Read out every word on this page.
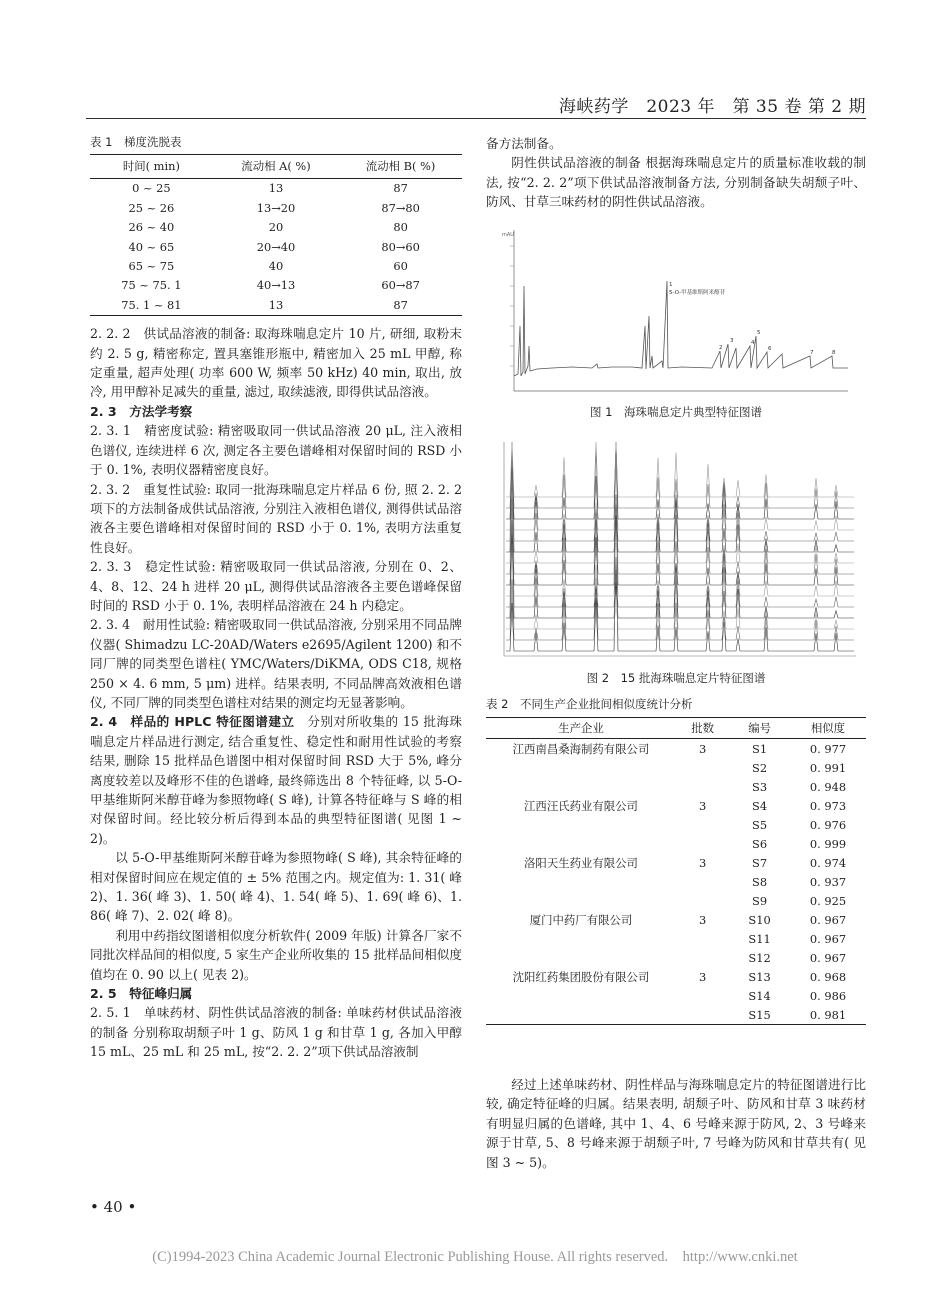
海峡药学　2023 年　第 35 卷 第 2 期
表 1　梯度洗脱表
时间( min)	流动相 A( %)	流动相 B( %)
0 ~ 25	13	87
25 ~ 26	13→20	87→80
26 ~ 40	20	80
40 ~ 65	20→40	80→60
65 ~ 75	40	60
75 ~ 75. 1	40→13	60→87
75. 1 ~ 81	13	87

2. 2. 2　供试品溶液的制备: 取海珠喘息定片 10 片, 研细, 取粉末约 2. 5 g, 精密称定, 置具塞锥形瓶中, 精密加入 25 mL 甲醇, 称定重量, 超声处理( 功率 600 W, 频率 50 kHz) 40 min, 取出, 放冷, 用甲醇补足减失的重量, 滤过, 取续滤液, 即得供试品溶液。

2. 3　方法学考察

2. 3. 1　精密度试验: 精密吸取同一供试品溶液 20 μL, 注入液相色谱仪, 连续进样 6 次, 测定各主要色谱峰相对保留时间的 RSD 小于 0. 1%, 表明仪器精密度良好。

2. 3. 2　重复性试验: 取同一批海珠喘息定片样品 6 份, 照 2. 2. 2 项下的方法制备成供试品溶液, 分别注入液相色谱仪, 测得供试品溶液各主要色谱峰相对保留时间的 RSD 小于 0. 1%, 表明方法重复性良好。

2. 3. 3　稳定性试验: 精密吸取同一供试品溶液, 分别在 0、2、4、8、12、24 h 进样 20 μL, 测得供试品溶液各主要色谱峰保留时间的 RSD 小于 0. 1%, 表明样品溶液在 24 h 内稳定。

2. 3. 4　耐用性试验: 精密吸取同一供试品溶液, 分别采用不同品牌仪器( Shimadzu LC-20AD/Waters e2695/Agilent 1200) 和不同厂牌的同类型色谱柱( YMC/Waters/DiKMA, ODS C18, 规格 250 × 4. 6 mm, 5 μm) 进样。结果表明, 不同品牌高效液相色谱仪, 不同厂牌的同类型色谱柱对结果的测定均无显著影响。

2. 4　样品的 HPLC 特征图谱建立　 分别对所收集的 15 批海珠喘息定片样品进行测定, 结合重复性、稳定性和耐用性试验的考察结果, 删除 15 批样品色谱图中相对保留时间 RSD 大于 5%, 峰分离度较差以及峰形不佳的色谱峰, 最终筛选出 8 个特征峰, 以 5-O-甲基维斯阿米醇苷峰为参照物峰( S 峰), 计算各特征峰与 S 峰的相对保留时间。经比较分析后得到本品的典型特征图谱( 见图 1 ~ 2)。

以 5-O-甲基维斯阿米醇苷峰为参照物峰( S 峰), 其余特征峰的相对保留时间应在规定值的 ± 5% 范围之内。规定值为: 1. 31( 峰 2)、1. 36( 峰 3)、1. 50( 峰 4)、1. 54( 峰 5)、1. 69( 峰 6)、1. 86( 峰 7)、2. 02( 峰 8)。

利用中药指纹图谱相似度分析软件( 2009 年版) 计算各厂家不同批次样品间的相似度, 5 家生产企业所收集的 15 批样品间相似度值均在 0. 90 以上( 见表 2)。

2. 5　特征峰归属

2. 5. 1　单味药材、阴性供试品溶液的制备: 单味药材供试品溶液的制备 分别称取胡颓子叶 1 g、防风 1 g 和甘草 1 g, 各加入甲醇 15 mL、25 mL 和 25 mL, 按“2. 2. 2”项下供试品溶液制

备方法制备。

阴性供试品溶液的制备 根据海珠喘息定片的质量标准收载的制法, 按“2. 2. 2”项下供试品溶液制备方法, 分别制备缺失胡颓子叶、防风、甘草三味药材的阴性供试品溶液。

mAU
1
5-O-甲基维斯阿米醇苷
2
3	4
5
6
7	8
图 1　海珠喘息定片典型特征图谱
图 2　15 批海珠喘息定片特征图谱
表 2　不同生产企业批间相似度统计分析
生产企业	批数	编号	相似度
江西南昌桑海制药有限公司	3	S1	0. 977
		S2	0. 991
		S3	0. 948
江西汪氏药业有限公司	3	S4	0. 973
		S5	0. 976
		S6	0. 999
洛阳天生药业有限公司	3	S7	0. 974
		S8	0. 937
		S9	0. 925
厦门中药厂有限公司	3	S10	0. 967
		S11	0. 967
		S12	0. 967
沈阳红药集团股份有限公司	3	S13	0. 968
		S14	0. 986
		S15	0. 981

经过上述单味药材、阴性样品与海珠喘息定片的特征图谱进行比较, 确定特征峰的归属。结果表明, 胡颓子叶、防风和甘草 3 味药材有明显归属的色谱峰, 其中 1、4、6 号峰来源于防风, 2、3 号峰来源于甘草, 5、8 号峰来源于胡颓子叶, 7 号峰为防风和甘草共有( 见图 3 ~ 5)。

• 40 •
(C)1994-2023 China Academic Journal Electronic Publishing House. All rights reserved.　http://www.cnki.net
